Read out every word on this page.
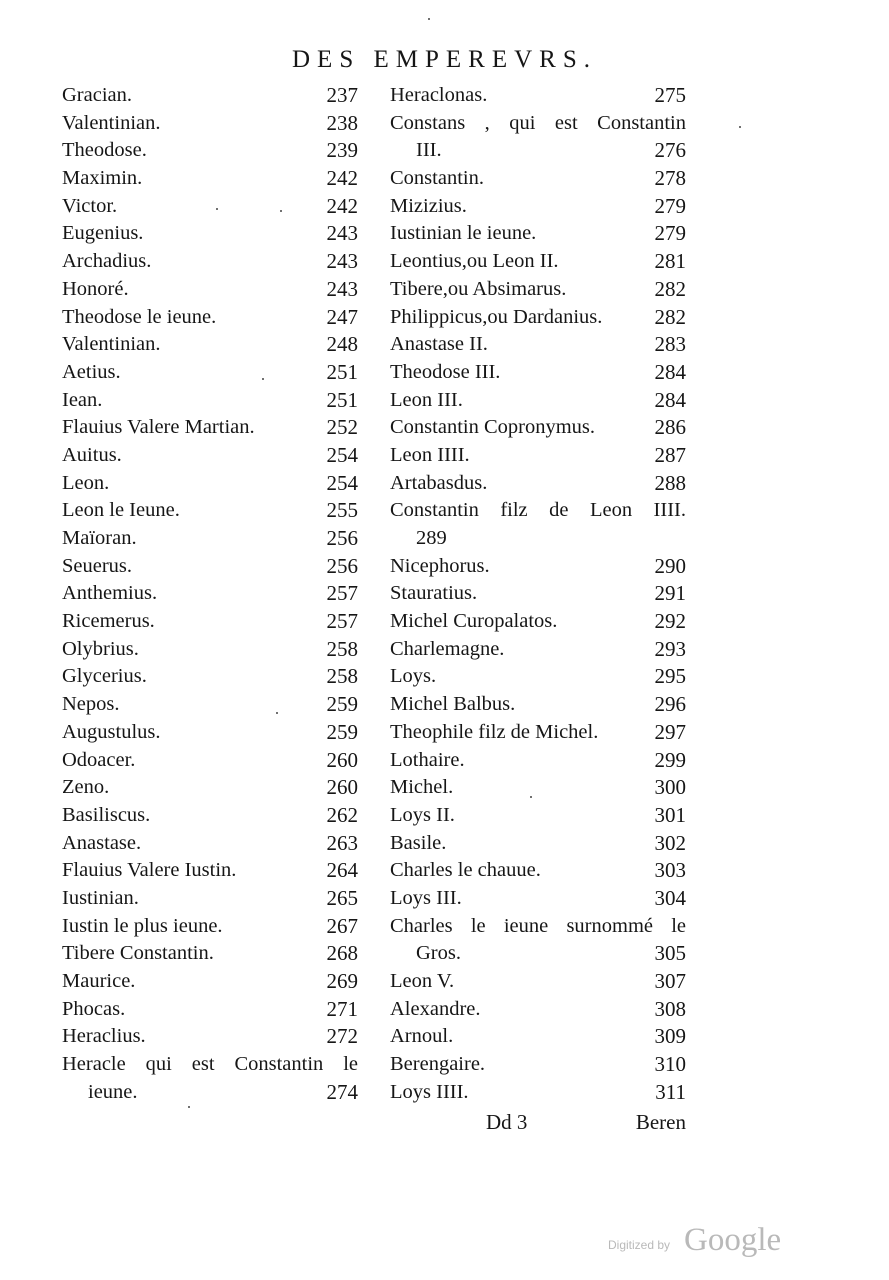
DES EMPEREVRS.
Gracian.	237
Valentinian.	238
Theodose.	239
Maximin.	242
Victor.	242
Eugenius.	243
Archadius.	243
Honoré.	243
Theodose le ieune.	247
Valentinian.	248
Aetius.	251
Iean.	251
Flauius Valere Martian.	252
Auitus.	254
Leon.	254
Leon le Ieune.	255
Maïoran.	256
Seuerus.	256
Anthemius.	257
Ricemerus.	257
Olybrius.	258
Glycerius.	258
Nepos.	259
Augustulus.	259
Odoacer.	260
Zeno.	260
Basiliscus.	262
Anastase.	263
Flauius Valere Iustin.	264
Iustinian.	265
Iustin le plus ieune.	267
Tibere Constantin.	268
Maurice.	269
Phocas.	271
Heraclius.	272
Heracle qui est Constantin le
ieune.	274
Heraclonas.	275
Constans , qui est Constantin
III.	276
Constantin.	278
Mizizius.	279
Iustinian le ieune.	279
Leontius,ou Leon II.	281
Tibere,ou Absimarus.	282
Philippicus,ou Dardanius. 282
Anastase II.	283
Theodose III.	284
Leon III.	284
Constantin Copronymus.	286
Leon IIII.	287
Artabasdus.	288
Constantin filz de Leon IIII.
289
Nicephorus.	290
Stauratius.	291
Michel Curopalatos.	292
Charlemagne.	293
Loys.	295
Michel Balbus.	296
Theophile filz de Michel.	297
Lothaire.	299
Michel.	300
Loys II.	301
Basile.	302
Charles le chauue.	303
Loys III.	304
Charles le ieune surnommé le
Gros.	305
Leon V.	307
Alexandre.	308
Arnoul.	309
Berengaire.	310
Loys IIII.	311
Dd 3	Beren
Digitized by Google
